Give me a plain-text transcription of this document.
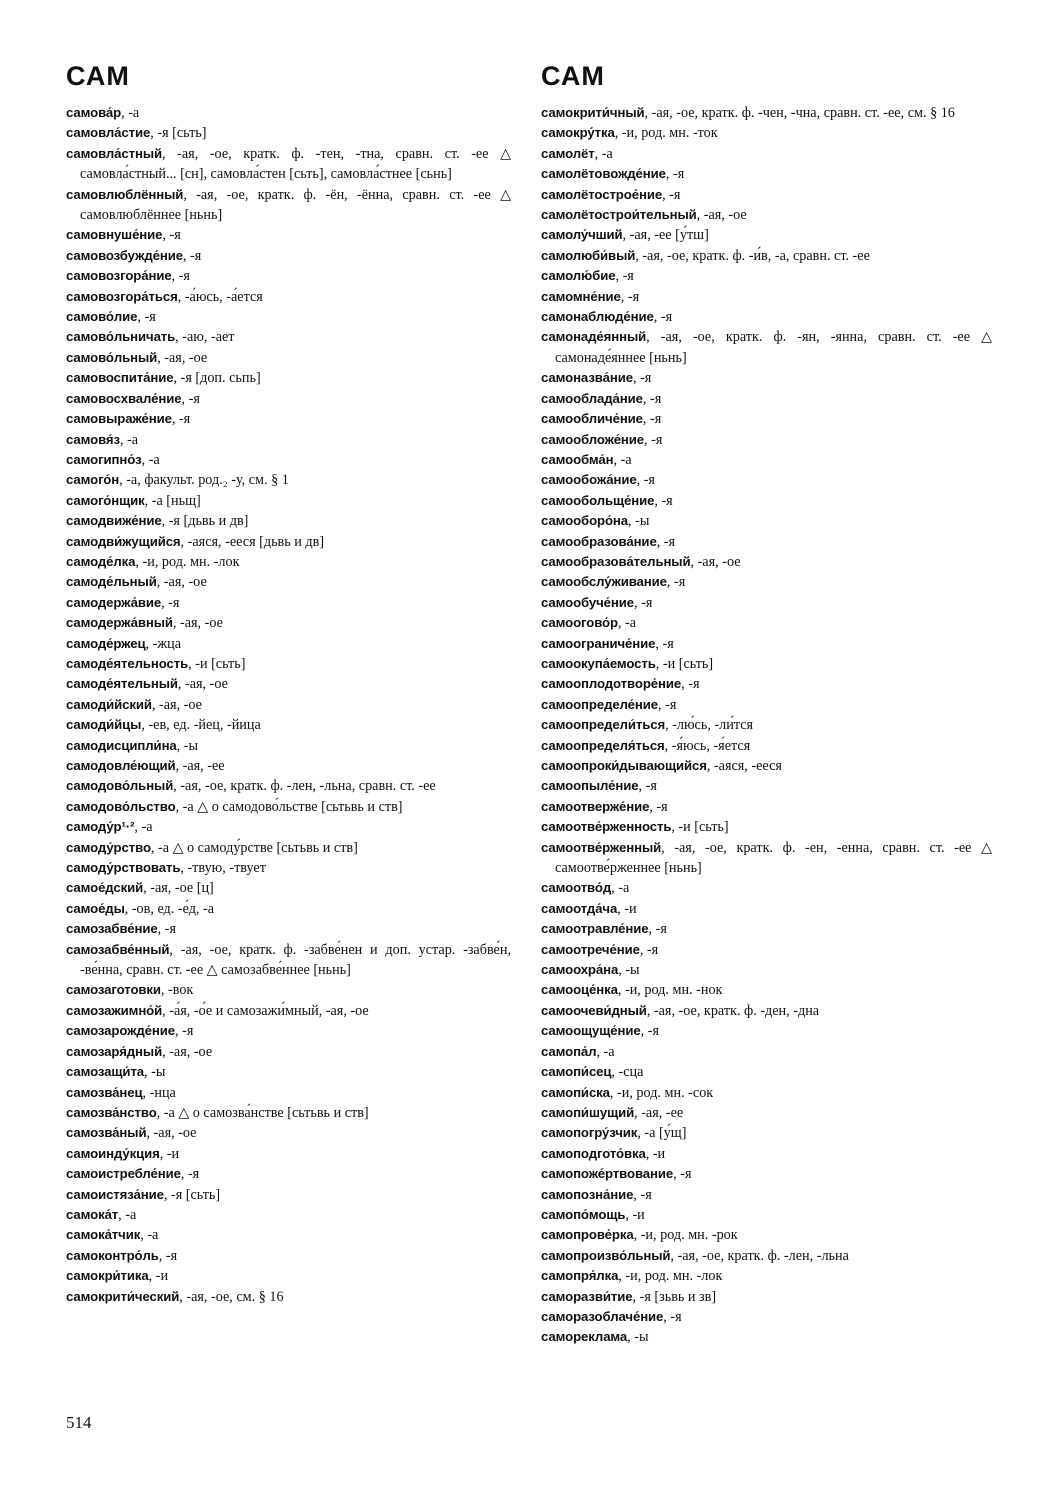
САМ

самова́р, -а

самовла́стие, -я [сьть]

самовла́стный, -ая, -ое, кратк. ф. -тен, -тна, сравн. ст. -ее △ самовла́стный... [сн], самовла́стен [сьть], самовла́стнее [сьнь]

самовлюблённый, -ая, -ое, кратк. ф. -ён, -ённа, сравн. ст. -ее △ самовлюблённее [ньнь]

самовнуше́ние, -я

самовозбужде́ние, -я

самовозгора́ние, -я

самовозгора́ться, -а́юсь, -а́ется

самово́лие, -я

самово́льничать, -аю, -ает

самово́льный, -ая, -ое

самовоспита́ние, -я [доп. сьпь]

самовосхвале́ние, -я

самовыраже́ние, -я

самовя́з, -а

самогипно́з, -а

самого́н, -а, факульт. род.₂ -у, см. § 1

самого́нщик, -а [ньщ]

самодвиже́ние, -я [дьвь и дв]

самодви́жущийся, -аяся, -ееся [дьвь и дв]

самоде́лка, -и, род. мн. -лок

самоде́льный, -ая, -ое

самодержа́вие, -я

самодержа́вный, -ая, -ое

самоде́ржец, -жца

самоде́ятельность, -и [сьть]

самоде́ятельный, -ая, -ое

самоди́йский, -ая, -ое

самоди́йцы, -ев, ед. -йец, -йица

самодисципли́на, -ы

самодовле́ющий, -ая, -ее

самодово́льный, -ая, -ое, кратк. ф. -лен, -льна, сравн. ст. -ее

самодово́льство, -а △ о самодово́льстве [сьтьвь и ств]

самоду́р¹·², -а

самоду́рство, -а △ о самоду́рстве [сьтьвь и ств]

самоду́рствовать, -твую, -твует

самое́дский, -ая, -ое [ц]

самое́ды, -ов, ед. -е́д, -а

самозабве́ние, -я

самозабве́нный, -ая, -ое, кратк. ф. -забве́нен и доп. устар. -забве́н, -ве́нна, сравн. ст. -ее △ самозабве́ннее [ньнь]

самозаготовки, -вок

самозажимно́й, -а́я, -о́е и самозажи́мный, -ая, -ое

самозарожде́ние, -я

самозаря́дный, -ая, -ое

самозащи́та, -ы

самозва́нец, -нца

самозва́нство, -а △ о самозва́нстве [сьтьвь и ств]

самозва́ный, -ая, -ое

самоинду́кция, -и

самоистребле́ние, -я

самоистяза́ние, -я [сьть]

самока́т, -а

самока́тчик, -а

самоконтро́ль, -я

самокри́тика, -и

самокрити́ческий, -ая, -ое, см. § 16

САМ

самокрити́чный, -ая, -ое, кратк. ф. -чен, -чна, сравн. ст. -ее, см. § 16

самокру́тка, -и, род. мн. -ток

самолёт, -а

самолётовожде́ние, -я

самолётострое́ние, -я

самолётострои́тельный, -ая, -ое

самолу́чший, -ая, -ее [у́тш]

самолюби́вый, -ая, -ое, кратк. ф. -и́в, -а, сравн. ст. -ее

самолю́бие, -я

самомне́ние, -я

самонаблюде́ние, -я

самонаде́янный, -ая, -ое, кратк. ф. -ян, -янна, сравн. ст. -ее △ самонаде́яннее [ньнь]

самоназва́ние, -я

самооблада́ние, -я

самообличе́ние, -я

самообложе́ние, -я

самообма́н, -а

самообожа́ние, -я

самообольще́ние, -я

самооборо́на, -ы

самообразова́ние, -я

самообразова́тельный, -ая, -ое

самообслу́живание, -я

самообуче́ние, -я

самоогово́р, -а

самоограниче́ние, -я

самоокупа́емость, -и [сьть]

самооплодотворе́ние, -я

самоопределе́ние, -я

самоопредели́ться, -лю́сь, -ли́тся

самоопределя́ться, -я́юсь, -я́ется

самоопроки́дывающийся, -аяся, -ееся

самоопыле́ние, -я

самоотверже́ние, -я

самоотве́рженность, -и [сьть]

самоотве́рженный, -ая, -ое, кратк. ф. -ен, -енна, сравн. ст. -ее △ самоотве́рженнее [ньнь]

самоотво́д, -а

самоотда́ча, -и

самоотравле́ние, -я

самоотрече́ние, -я

самоохра́на, -ы

самооце́нка, -и, род. мн. -нок

самоочеви́дный, -ая, -ое, кратк. ф. -ден, -дна

самоощуще́ние, -я

самопа́л, -а

самопи́сец, -сца

самопи́ска, -и, род. мн. -сок

самопи́шущий, -ая, -ее

самопогру́зчик, -а [у́щ]

самоподгото́вка, -и

самопоже́ртвование, -я

самопозна́ние, -я

самопо́мощь, -и

самопрове́рка, -и, род. мн. -рок

самопроизво́льный, -ая, -ое, кратк. ф. -лен, -льна

самопря́лка, -и, род. мн. -лок

саморазви́тие, -я [зьвь и зв]

саморазоблаче́ние, -я

самореклама, -ы

514
